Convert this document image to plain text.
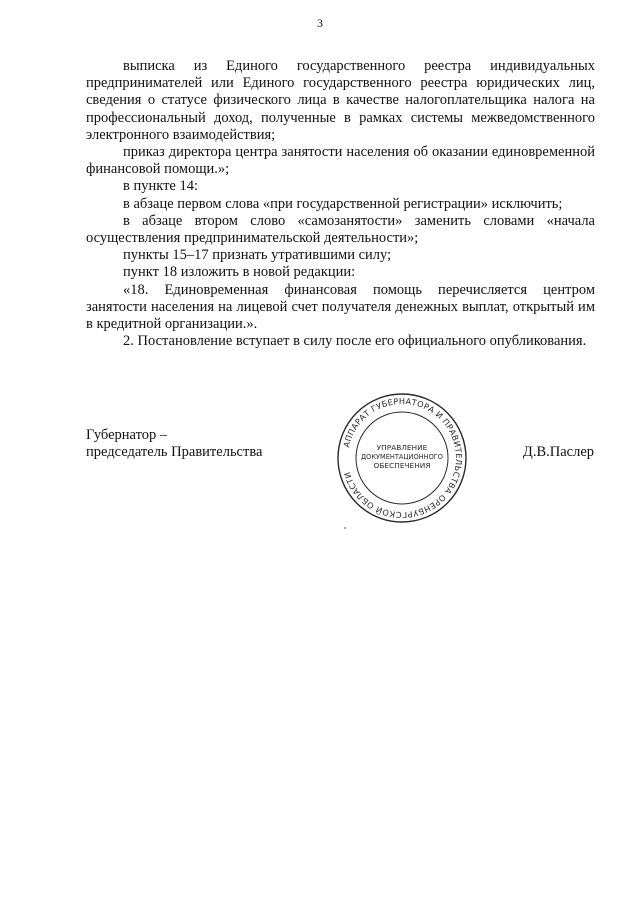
3

выписка из Единого государственного реестра индивидуальных предпринимателей или Единого государственного реестра юридических лиц, сведения о статусе физического лица в качестве налогоплательщика налога на профессиональный доход, полученные в рамках системы межведомственного электронного взаимодействия;

приказ директора центра занятости населения об оказании единовременной финансовой помощи.»;

в пункте 14:

в абзаце первом слова «при государственной регистрации» исключить;

в абзаце втором слово «самозанятости» заменить словами «начала осуществления предпринимательской деятельности»;

пункты 15–17 признать утратившими силу;

пункт 18 изложить в новой редакции:

«18. Единовременная финансовая помощь перечисляется центром занятости населения на лицевой счет получателя денежных выплат, открытый им в кредитной организации.».

2. Постановление вступает в силу после его официального опубликования.

Губернатор –
председатель Правительства	АППАРАТ ГУБЕРНАТОРА И ПРАВИТЕЛЬСТВА ОРЕНБУРГСКОЙ ОБЛАСТИ
УПРАВЛЕНИЕ
ДОКУМЕНТАЦИОННОГО
ОБЕСПЕЧЕНИЯ
Д.В.Паслер
